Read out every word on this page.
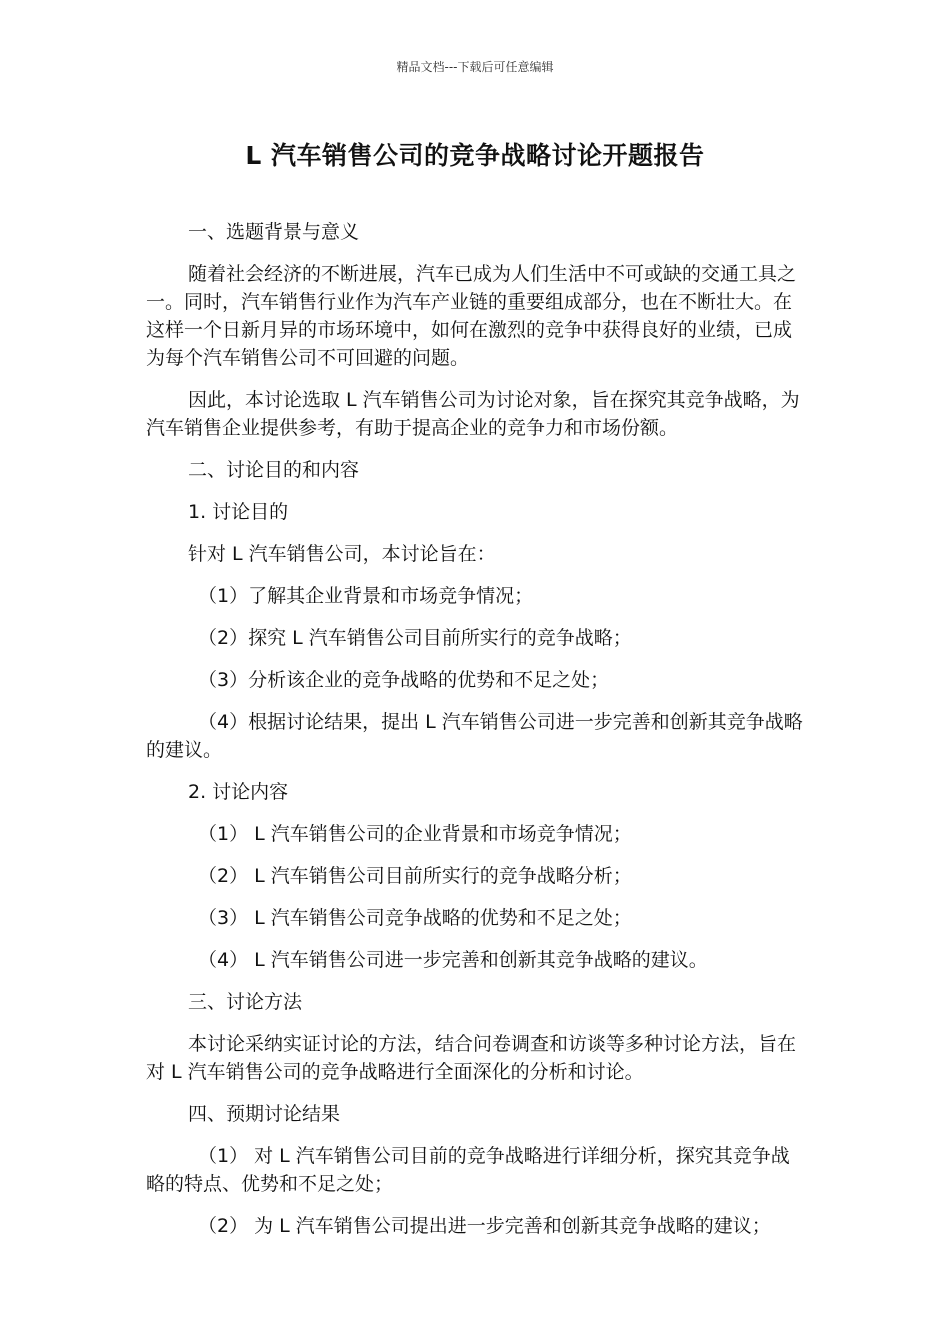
精品文档---下载后可任意编辑
L 汽车销售公司的竞争战略讨论开题报告

一、选题背景与意义

随着社会经济的不断进展，汽车已成为人们生活中不可或缺的交通工具之一。同时，汽车销售行业作为汽车产业链的重要组成部分，也在不断壮大。在这样一个日新月异的市场环境中，如何在激烈的竞争中获得良好的业绩，已成为每个汽车销售公司不可回避的问题。

因此，本讨论选取 L 汽车销售公司为讨论对象，旨在探究其竞争战略，为汽车销售企业提供参考，有助于提高企业的竞争力和市场份额。

二、讨论目的和内容

1. 讨论目的

针对 L 汽车销售公司，本讨论旨在：

（1）了解其企业背景和市场竞争情况；

（2）探究 L 汽车销售公司目前所实行的竞争战略；

（3）分析该企业的竞争战略的优势和不足之处；

（4）根据讨论结果，提出 L 汽车销售公司进一步完善和创新其竞争战略的建议。

2. 讨论内容

（1） L 汽车销售公司的企业背景和市场竞争情况；

（2） L 汽车销售公司目前所实行的竞争战略分析；

（3） L 汽车销售公司竞争战略的优势和不足之处；

（4） L 汽车销售公司进一步完善和创新其竞争战略的建议。

三、讨论方法

本讨论采纳实证讨论的方法，结合问卷调查和访谈等多种讨论方法，旨在对 L 汽车销售公司的竞争战略进行全面深化的分析和讨论。

四、预期讨论结果

（1） 对 L 汽车销售公司目前的竞争战略进行详细分析，探究其竞争战略的特点、优势和不足之处；

（2） 为 L 汽车销售公司提出进一步完善和创新其竞争战略的建议；
